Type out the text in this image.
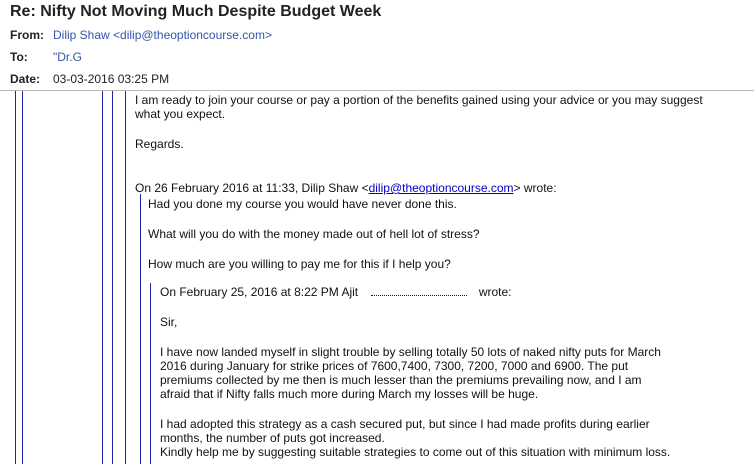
Re: Nifty Not Moving Much Despite Budget Week
From: Dilip Shaw <dilip@theoptioncourse.com>
To: "Dr.G
Date: 03-03-2016 03:25 PM
I am ready to join your course or pay a portion of the benefits gained using your advice or you may suggest
what you expect.
Regards.
On 26 February 2016 at 11:33, Dilip Shaw <dilip@theoptioncourse.com> wrote:
Had you done my course you would have never done this.
What will you do with the money made out of hell lot of stress?
How much are you willing to pay me for this if I help you?
On February 25, 2016 at 8:22 PM Ajit	wrote:
Sir,
I have now landed myself in slight trouble by selling totally 50 lots of naked nifty puts for March
2016 during January for strike prices of 7600,7400, 7300, 7200, 7000 and 6900. The put
premiums collected by me then is much lesser than the premiums prevailing now, and I am
afraid that if Nifty falls much more during March my losses will be huge.
I had adopted this strategy as a cash secured put, but since I had made profits during earlier
months, the number of puts got increased.
Kindly help me by suggesting suitable strategies to come out of this situation with minimum loss.
